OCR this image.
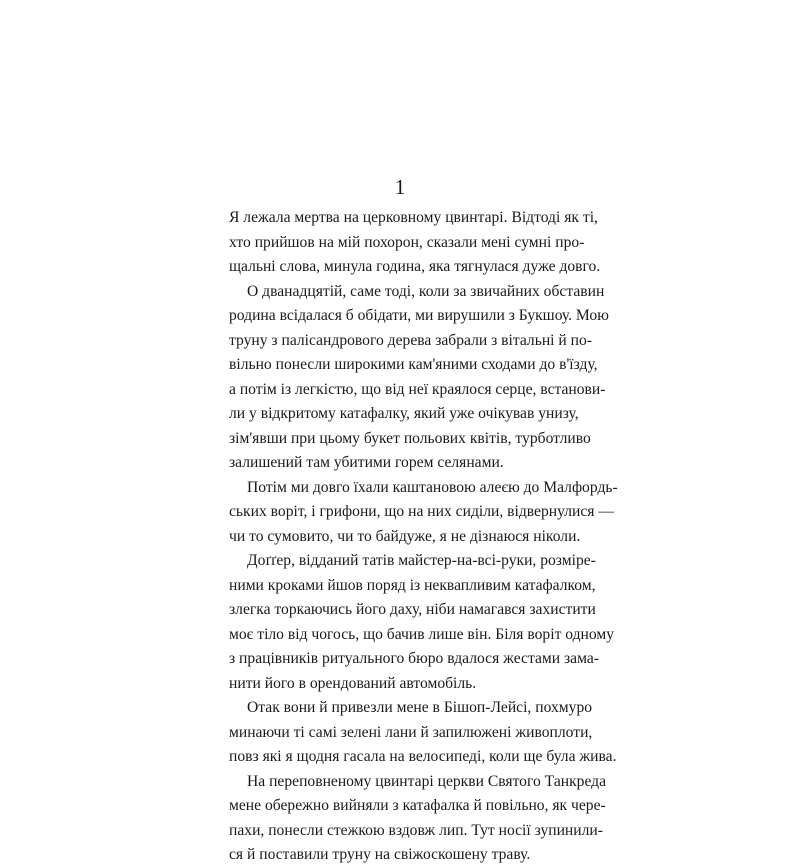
1
Я лежала мертва на церковному цвинтарі. Відтоді як ті,
хто прийшов на мій похорон, сказали мені сумні про-
щальні слова, минула година, яка тягнулася дуже довго.
О дванадцятій, саме тоді, коли за звичайних обставин
родина всідалася б обідати, ми вирушили з Букшоу. Мою
труну з палісандрового дерева забрали з вітальні й по-
вільно понесли широкими кам'яними сходами до в'їзду,
а потім із легкістю, що від неї краялося серце, встанови-
ли у відкритому катафалку, який уже очікував унизу,
зім'явши при цьому букет польових квітів, турботливо
залишений там убитими горем селянами.
Потім ми довго їхали каштановою алеєю до Малфордь-
ських воріт, і грифони, що на них сиділи, відвернулися —
чи то сумовито, чи то байдуже, я не дізнаюся ніколи.
Доґґер, відданий татів майстер-на-всі-руки, розміре-
ними кроками йшов поряд із неквапливим катафалком,
злегка торкаючись його даху, ніби намагався захистити
моє тіло від чогось, що бачив лише він. Біля воріт одному
з працівників ритуального бюро вдалося жестами зама-
нити його в орендований автомобіль.
Отак вони й привезли мене в Бішоп-Лейсі, похмуро
минаючи ті самі зелені лани й запилюжені живоплоти,
повз які я щодня гасала на велосипеді, коли ще була жива.
На переповненому цвинтарі церкви Святого Танкреда
мене обережно вийняли з катафалка й повільно, як чере-
пахи, понесли стежкою вздовж лип. Тут носії зупинили-
ся й поставили труну на свіжоскошену траву.
